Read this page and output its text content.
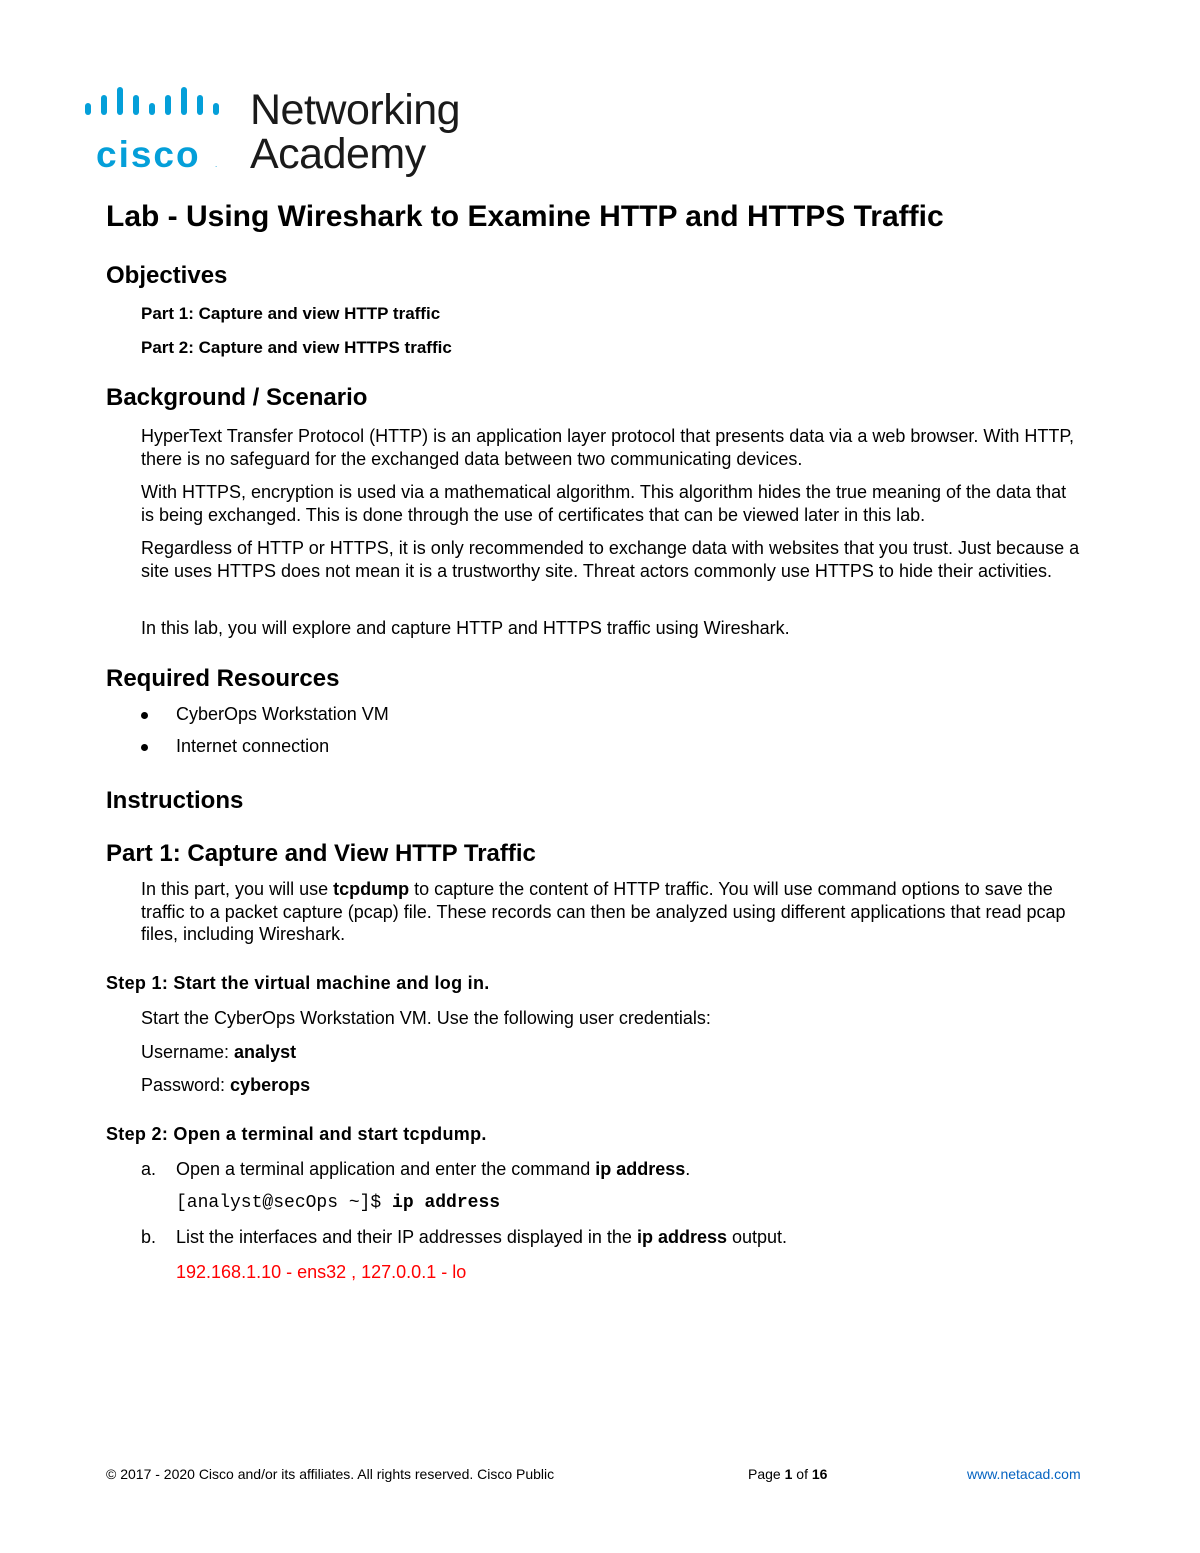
cisco .
Networking
Academy
Lab - Using Wireshark to Examine HTTP and HTTPS Traffic
Objectives

Part 1: Capture and view HTTP traffic

Part 2: Capture and view HTTPS traffic

Background / Scenario

HyperText Transfer Protocol (HTTP) is an application layer protocol that presents data via a web browser. With HTTP, there is no safeguard for the exchanged data between two communicating devices.

With HTTPS, encryption is used via a mathematical algorithm. This algorithm hides the true meaning of the data that is being exchanged. This is done through the use of certificates that can be viewed later in this lab.

Regardless of HTTP or HTTPS, it is only recommended to exchange data with websites that you trust. Just because a site uses HTTPS does not mean it is a trustworthy site. Threat actors commonly use HTTPS to hide their activities.

In this lab, you will explore and capture HTTP and HTTPS traffic using Wireshark.

Required Resources
CyberOps Workstation VM
Internet connection
Instructions
Part 1: Capture and View HTTP Traffic

In this part, you will use tcpdump to capture the content of HTTP traffic. You will use command options to save the traffic to a packet capture (pcap) file. These records can then be analyzed using different applications that read pcap files, including Wireshark.

Step 1: Start the virtual machine and log in.
Start the CyberOps Workstation VM. Use the following user credentials:
Username: analyst
Password: cyberops
Step 2: Open a terminal and start tcpdump.
a. Open a terminal application and enter the command ip address.
[analyst@secOps ~]$ ip address
b. List the interfaces and their IP addresses displayed in the ip address output.
192.168.1.10 - ens32 , 127.0.0.1 - lo
© 2017 - 2020 Cisco and/or its affiliates. All rights reserved. Cisco Public	Page 1 of 16	www.netacad.com
